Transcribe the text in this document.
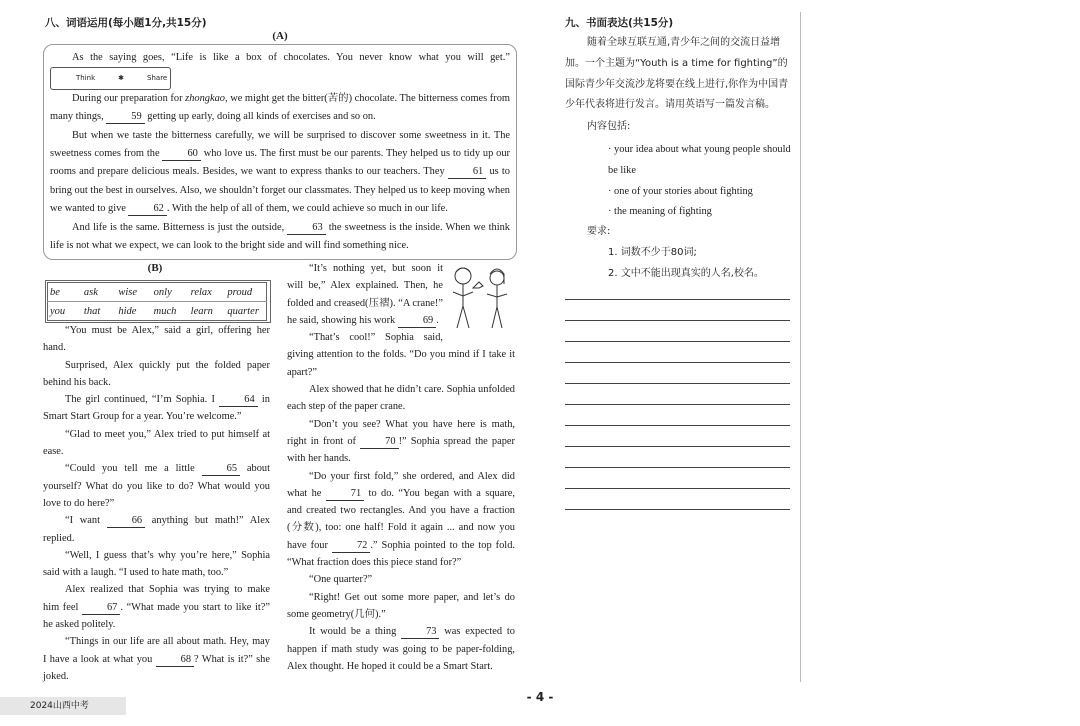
八、词语运用(每小题1分,共15分)
(A)

As the saying goes, “Life is like a box of chocolates. You never know what you will get.”
Think	✱	Share

During our preparation for zhongkao, we might get the bitter(苦的) chocolate. The bitterness comes from many things, 59 getting up early, doing all kinds of exercises and so on.

But when we taste the bitterness carefully, we will be surprised to discover some sweetness in it. The sweetness comes from the 60 who love us. The first must be our parents. They helped us to tidy up our rooms and prepare delicious meals. Besides, we want to express thanks to our teachers. They 61 us to bring out the best in ourselves. Also, we shouldn’t forget our classmates. They helped us to keep moving when we wanted to give 62 . With the help of all of them, we could achieve so much in our life.

And life is the same. Bitterness is just the outside, 63 the sweetness is the inside. When we think life is not what we expect, we can look to the bright side and will find something nice.

(B)
be	ask	wise	only	relax	proud
you	that	hide	much	learn	quarter

“You must be Alex,” said a girl, offering her hand.

Surprised, Alex quickly put the folded paper behind his back.

The girl continued, “I’m Sophia. I 64 in Smart Start Group for a year. You’re welcome.”

“Glad to meet you,” Alex tried to put himself at ease.

“Could you tell me a little 65 about yourself? What do you like to do? What would you love to do here?”

“I want 66 anything but math!” Alex replied.

“Well, I guess that’s why you’re here,” Sophia said with a laugh. “I used to hate math, too.”

Alex realized that Sophia was trying to make him feel 67 . “What made you start to like it?” he asked politely.

“Things in our life are all about math. Hey, may I have a look at what you 68 ? What is it?” she joked.

“It’s nothing yet, but soon it will be,” Alex explained. Then, he folded and creased(压褶). “A crane!” he said, showing his work 69 .

“That’s cool!” Sophia said, giving attention to the folds. “Do you mind if I take it apart?”

Alex showed that he didn’t care. Sophia unfolded each step of the paper crane.

“Don’t you see? What you have here is math, right in front of 70 !” Sophia spread the paper with her hands.

“Do your first fold,” she ordered, and Alex did what he 71 to do. “You began with a square, and created two rectangles. And you have a fraction (分数), too: one half! Fold it again ... and now you have four 72 .” Sophia pointed to the top fold. “What fraction does this piece stand for?”

“One quarter?”

“Right! Get out some more paper, and let’s do some geometry(几何).”

It would be a thing 73 was expected to happen if math study was going to be paper-folding, Alex thought. He hoped it could be a Smart Start.

九、书面表达(共15分)
随着全球互联互通,青少年之间的交流日益增加。一个主题为“Youth is a time for fighting”的国际青少年交流沙龙将要在线上进行,你作为中国青少年代表将进行发言。请用英语写一篇发言稿。
内容包括:
· your idea about what young people should be like
· one of your stories about fighting
· the meaning of fighting
要求:
1. 词数不少于80词;
2. 文中不能出现真实的人名,校名。
2024山西中考
- 4 -
